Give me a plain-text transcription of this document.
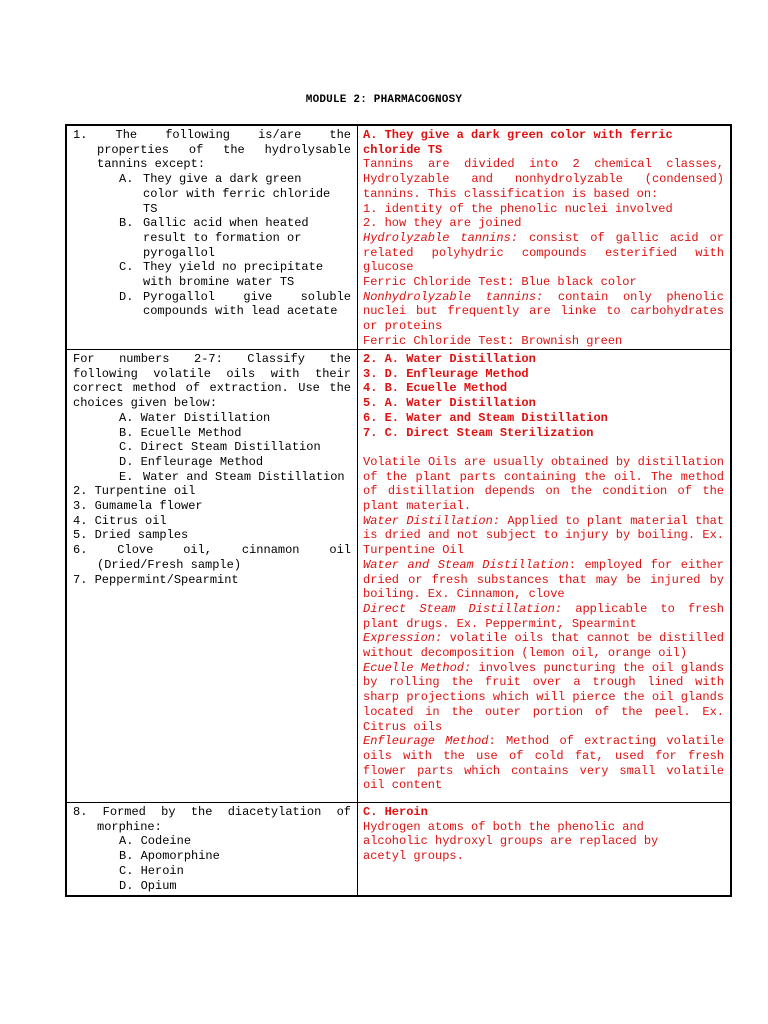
MODULE 2: PHARMACOGNOSY
1. The following is/are the
properties of the hydrolysable
tannins except:
A. They give a dark green
color with ferric chloride
TS
B. Gallic acid when heated
result to formation or
pyrogallol
C. They yield no precipitate
with bromine water TS
D. Pyrogallol give soluble
compounds with lead acetate
A. They give a dark green color with ferric
chloride TS
Tannins are divided into 2 chemical classes,
Hydrolyzable and nonhydrolyzable (condensed)
tannins. This classification is based on:
1. identity of the phenolic nuclei involved
2. how they are joined

Hydrolyzable tannins: consist of gallic acid or related polyhydric compounds esterified with glucose

Ferric Chloride Test: Blue black color

Nonhydrolyzable tannins: contain only phenolic nuclei but frequently are linke to carbohydrates or proteins

Ferric Chloride Test: Brownish green

For numbers 2-7: Classify the following volatile oils with their correct method of extraction. Use the choices given below:

A. Water Distillation
B. Ecuelle Method
C. Direct Steam Distillation
D. Enfleurage Method
E. Water and Steam Distillation

2. Turpentine oil
3. Gumamela flower
4. Citrus oil
5. Dried samples

6. Clove oil, cinnamon oil (Dried/Fresh sample)

7. Peppermint/Spearmint
2. A. Water Distillation
3. D. Enfleurage Method
4. B. Ecuelle Method
5. A. Water Distillation
6. E. Water and Steam Distillation
7. C. Direct Steam Sterilization

Volatile Oils are usually obtained by distillation of the plant parts containing the oil. The method of distillation depends on the condition of the plant material.

Water Distillation: Applied to plant material that is dried and not subject to injury by boiling. Ex. Turpentine Oil

Water and Steam Distillation: employed for either dried or fresh substances that may be injured by boiling. Ex. Cinnamon, clove

Direct Steam Distillation: applicable to fresh plant drugs. Ex. Peppermint, Spearmint

Expression: volatile oils that cannot be distilled without decomposition (lemon oil, orange oil)

Ecuelle Method: involves puncturing the oil glands by rolling the fruit over a trough lined with sharp projections which will pierce the oil glands located in the outer portion of the peel. Ex. Citrus oils

Enfleurage Method: Method of extracting volatile oils with the use of cold fat, used for fresh flower parts which contains very small volatile oil content

8. Formed by the diacetylation of
morphine:
A. Codeine
B. Apomorphine
C. Heroin
D. Opium
C. Heroin

Hydrogen atoms of both the phenolic and alcoholic hydroxyl groups are replaced by acetyl groups.
